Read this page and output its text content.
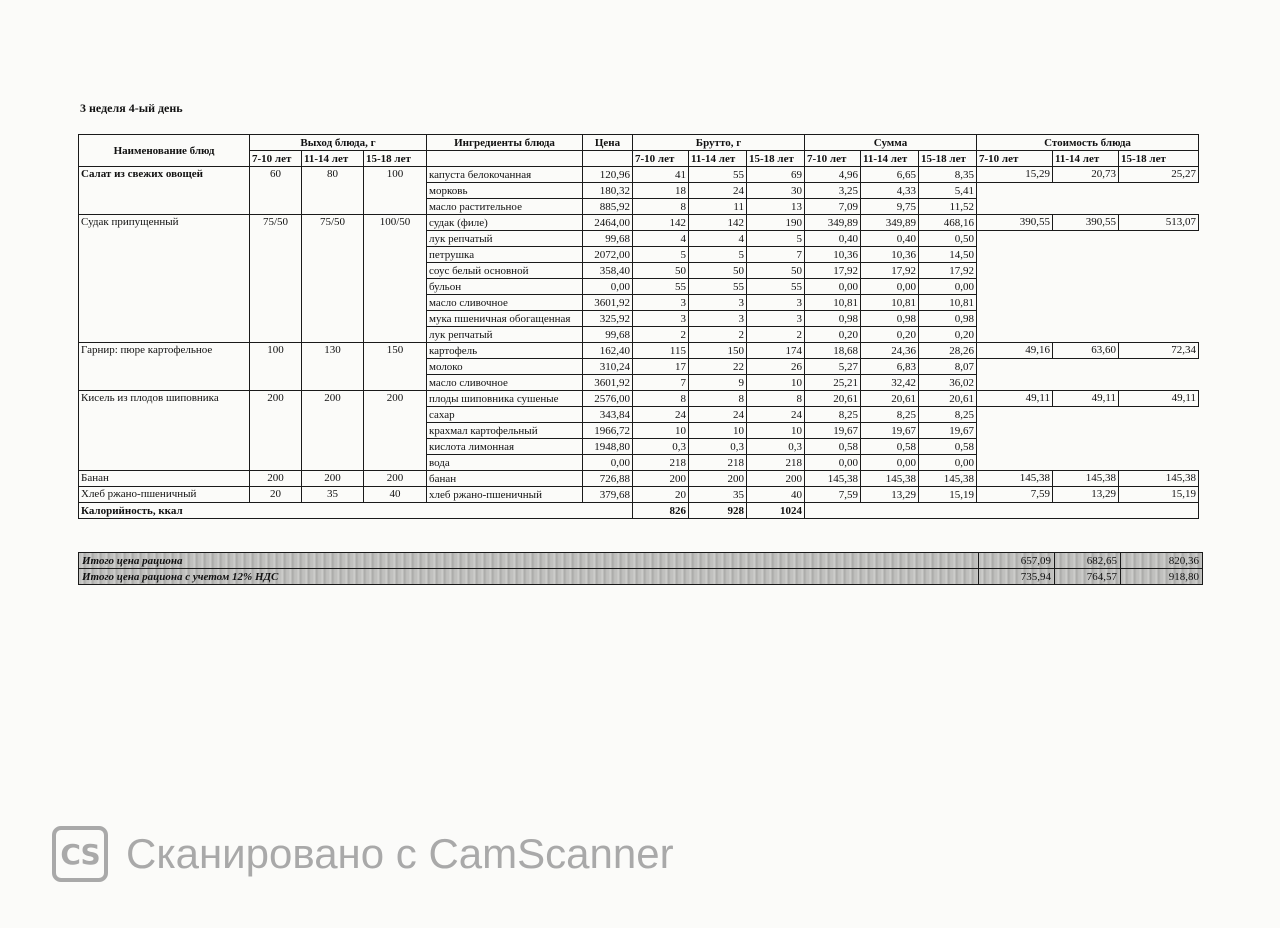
3 неделя 4-ый день
Наименование блюд	Выход блюда, г			Ингредиенты блюда	Цена	Брутто, г			Сумма			Стоимость блюда		
	7-10 лет	11-14 лет	15-18 лет			7-10 лет	11-14 лет	15-18 лет	7-10 лет	11-14 лет	15-18 лет	7-10 лет	11-14 лет	15-18 лет
Салат из свежих овощей	60	80	100	капуста белокочанная	120,96	41	55	69	4,96	6,65	8,35	15,29	20,73	25,27
				морковь	180,32	18	24	30	3,25	4,33	5,41			
				масло растительное	885,92	8	11	13	7,09	9,75	11,52			
Судак припущенный	75/50	75/50	100/50	судак (филе)	2464,00	142	142	190	349,89	349,89	468,16	390,55	390,55	513,07
				лук репчатый	99,68	4	4	5	0,40	0,40	0,50			
				петрушка	2072,00	5	5	7	10,36	10,36	14,50			
				соус белый основной	358,40	50	50	50	17,92	17,92	17,92			
				бульон	0,00	55	55	55	0,00	0,00	0,00			
				масло сливочное	3601,92	3	3	3	10,81	10,81	10,81			
				мука пшеничная обогащенная	325,92	3	3	3	0,98	0,98	0,98			
				лук репчатый	99,68	2	2	2	0,20	0,20	0,20			
Гарнир: пюре картофельное	100	130	150	картофель	162,40	115	150	174	18,68	24,36	28,26	49,16	63,60	72,34
				молоко	310,24	17	22	26	5,27	6,83	8,07			
				масло сливочное	3601,92	7	9	10	25,21	32,42	36,02			
Кисель из плодов шиповника	200	200	200	плоды шиповника сушеные	2576,00	8	8	8	20,61	20,61	20,61	49,11	49,11	49,11
				сахар	343,84	24	24	24	8,25	8,25	8,25			
				крахмал картофельный	1966,72	10	10	10	19,67	19,67	19,67			
				кислота лимонная	1948,80	0,3	0,3	0,3	0,58	0,58	0,58			
				вода	0,00	218	218	218	0,00	0,00	0,00			
Банан	200	200	200	банан	726,88	200	200	200	145,38	145,38	145,38	145,38	145,38	145,38
Хлеб ржано-пшеничный	20	35	40	хлеб ржано-пшеничный	379,68	20	35	40	7,59	13,29	15,19	7,59	13,29	15,19
Калорийность, ккал						826	928	1024						
Итого цена рациона	657,09	682,65	820,36
Итого цена рациона с учетом 12% НДС	735,94	764,57	918,80
CS Сканировано с CamScanner
